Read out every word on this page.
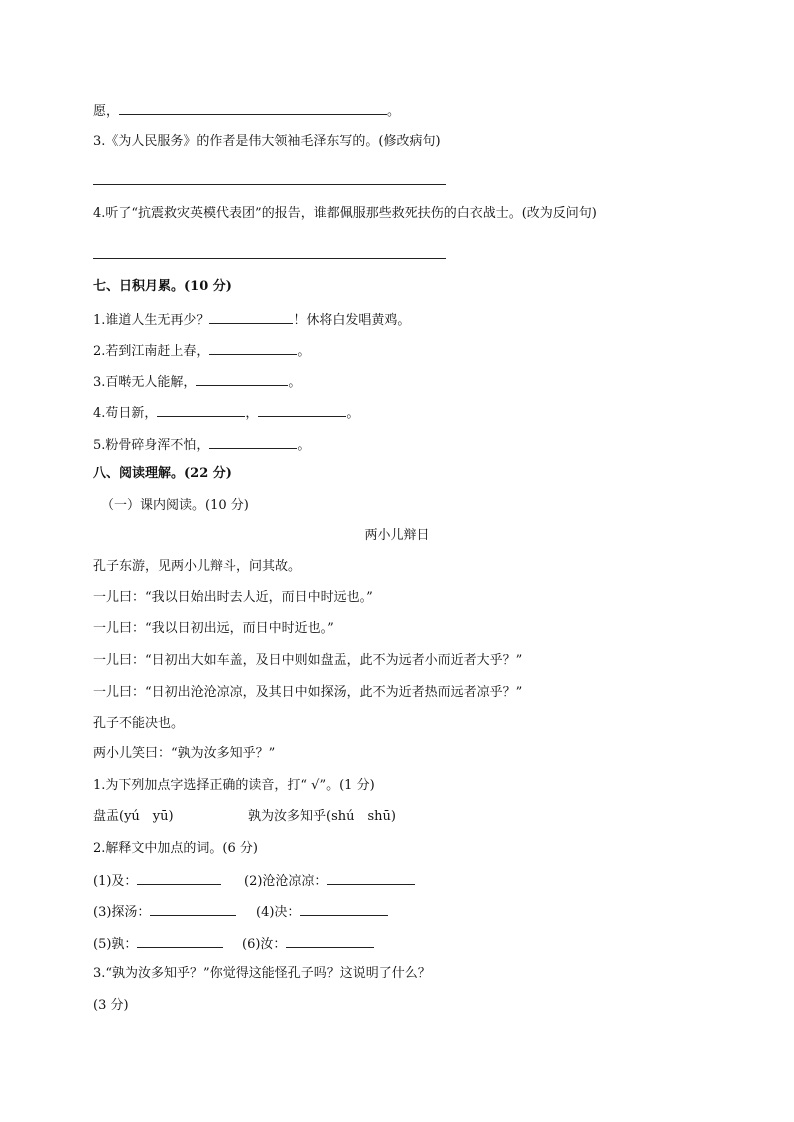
愿，	。
3.《为人民服务》的作者是伟大领袖毛泽东写的。(修改病句)
4.听了“抗震救灾英模代表团”的报告，谁都佩服那些救死扶伤的白衣战士。(改为反问句)
七、日积月累。(10 分)
1.谁道人生无再少？	！休将白发唱黄鸡。
2.若到江南赶上春，	。
3.百啭无人能解，	。
4.苟日新，	，	。
5.粉骨碎身浑不怕，	。
八、阅读理解。(22 分)
（一）课内阅读。(10 分)
两小儿辩日
孔子东游，见两小儿辩斗，问其故。
一儿曰：“我以日始出时去人近，而日中时远也。”
一儿曰：“我以日初出远，而日中时近也。”
一儿曰：“日初出大如车盖，及日中则如盘盂，此不为远者小而近者大乎？”
一儿曰：“日初出沧沧凉凉，及其日中如探汤，此不为近者热而远者凉乎？”
孔子不能决也。
两小儿笑曰：“孰为汝多知乎？”
1.为下列加点字选择正确的读音，打“ √”。(1 分)
盘盂(yú　yū)	孰为汝多知乎(shú　shū)
2.解释文中加点的词。(6 分)
(1)及：	(2)沧沧凉凉：
(3)探汤：	(4)决：
(5)孰：	(6)汝：
3.“孰为汝多知乎？”你觉得这能怪孔子吗？这说明了什么？
(3 分)
